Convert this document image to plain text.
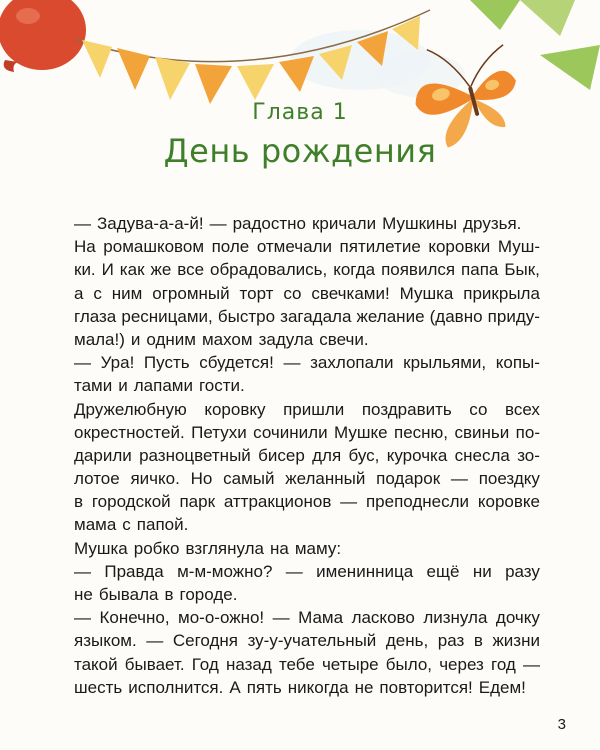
Глава 1
День рождения
— Задува-а-а-й! — радостно кричали Мушкины друзья.
На ромашковом поле отмечали пятилетие коровки Муш-
ки. И как же все обрадовались, когда появился папа Бык,
а с ним огромный торт со свечками! Мушка прикрыла
глаза ресницами, быстро загадала желание (давно приду-
мала!) и одним махом задула свечи.
— Ура! Пусть сбудется! — захлопали крыльями, копы-
тами и лапами гости.
Дружелюбную коровку пришли поздравить со всех
окрестностей. Петухи сочинили Мушке песню, свиньи по-
дарили разноцветный бисер для бус, курочка снесла зо-
лотое яичко. Но самый желанный подарок — поездку
в городской парк аттракционов — преподнесли коровке
мама с папой.
Мушка робко взглянула на маму:
— Правда м-м-можно? — именинница ещё ни разу
не бывала в городе.
— Конечно, мо-о-ожно! — Мама ласково лизнула дочку
языком. — Сегодня зу-у-учательный день, раз в жизни
такой бывает. Год назад тебе четыре было, через год —
шесть исполнится. А пять никогда не повторится! Едем!
3
